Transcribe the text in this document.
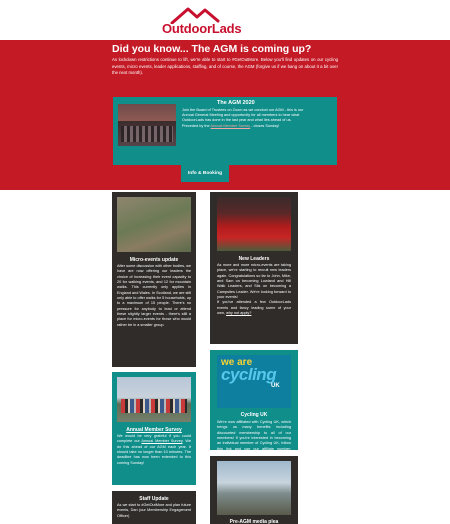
OutdoorLads
Did you know... The AGM is coming up?
As lockdown restrictions continue to lift, we're able to start to #GetOutMore. Below you'll find updates on our cycling events, micro events, leader applications, staffing, and of course, the AGM (forgive us if we bang on about it a bit over the next month).
The AGM 2020
Join the Board of Trustees on Zoom as we conduct our AGM - this is our Annual General Meeting and opportunity for all members to hear what OutdoorLads has done in the last year and what lies ahead of us.
Preceded by the Annual Member Survey - closes Sunday!
Info & Booking
Micro-events update
After some discussion with other bodies, we have are now offering our leaders the choice of increasing their event capacity to 20 for walking events, and 12 for mountain walks. This currently only applies in England and Wales. In Scotland, we are still only able to offer walks for 5 households, up to a maximum of 15 people. There's no pressure for anybody to lead or attend these slightly larger events - there's still a place for micro-events for those who would rather be in a smaller group.
Annual Member Survey
We would be very grateful if you could complete our Annual Member Survey. We do this ahead of our AGM each year. It should take no longer than 10 minutes. The deadline has now been extended to this coming Sunday!
Staff Update
As we start to #GetOutMore and plan future events, Dan (our Membership Engagement Officer)
New Leaders
As more and more micro-events are taking place, we're starting to recruit new leaders again. Congratulations so far to John, Mike, and Sam on becoming Lowland and Hill Walk Leaders, and Sils on becoming a Campsites Leader. We're looking forward to your events!
If you've attended a few OutdoorLads events and fancy leading some of your own, why not apply?
we are
cycling
UK
Cycling UK
We're now affiliated with Cycling UK, which brings us many benefits including discounted membership to all of our members! If you're interested in becoming an individual member of Cycling UK, follow this link and use our affiliate number: 80198036.
Pre-AGM media plea
